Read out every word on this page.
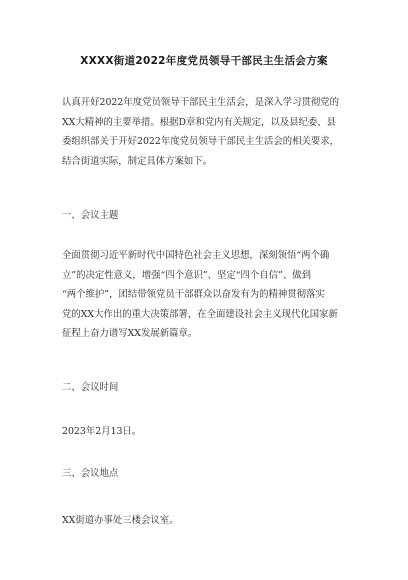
XXXX街道2022年度党员领导干部民主生活会方案
认真开好2022年度党员领导干部民主生活会，是深入学习贯彻党的
XX大精神的主要举措。根据D章和党内有关规定，以及县纪委、县
委组织部关于开好2022年度党员领导干部民主生活会的相关要求，
结合街道实际，制定具体方案如下。
一、会议主题
全面贯彻习近平新时代中国特色社会主义思想，深刻领悟“两个确
立”的决定性意义，增强“四个意识”、坚定“四个自信”、做到
“两个维护”，团结带领党员干部群众以奋发有为的精神贯彻落实
党的XX大作出的重大决策部署，在全面建设社会主义现代化国家新
征程上奋力谱写XX发展新篇章。
二、会议时间
2023年2月13日。
三、会议地点
XX街道办事处三楼会议室。
